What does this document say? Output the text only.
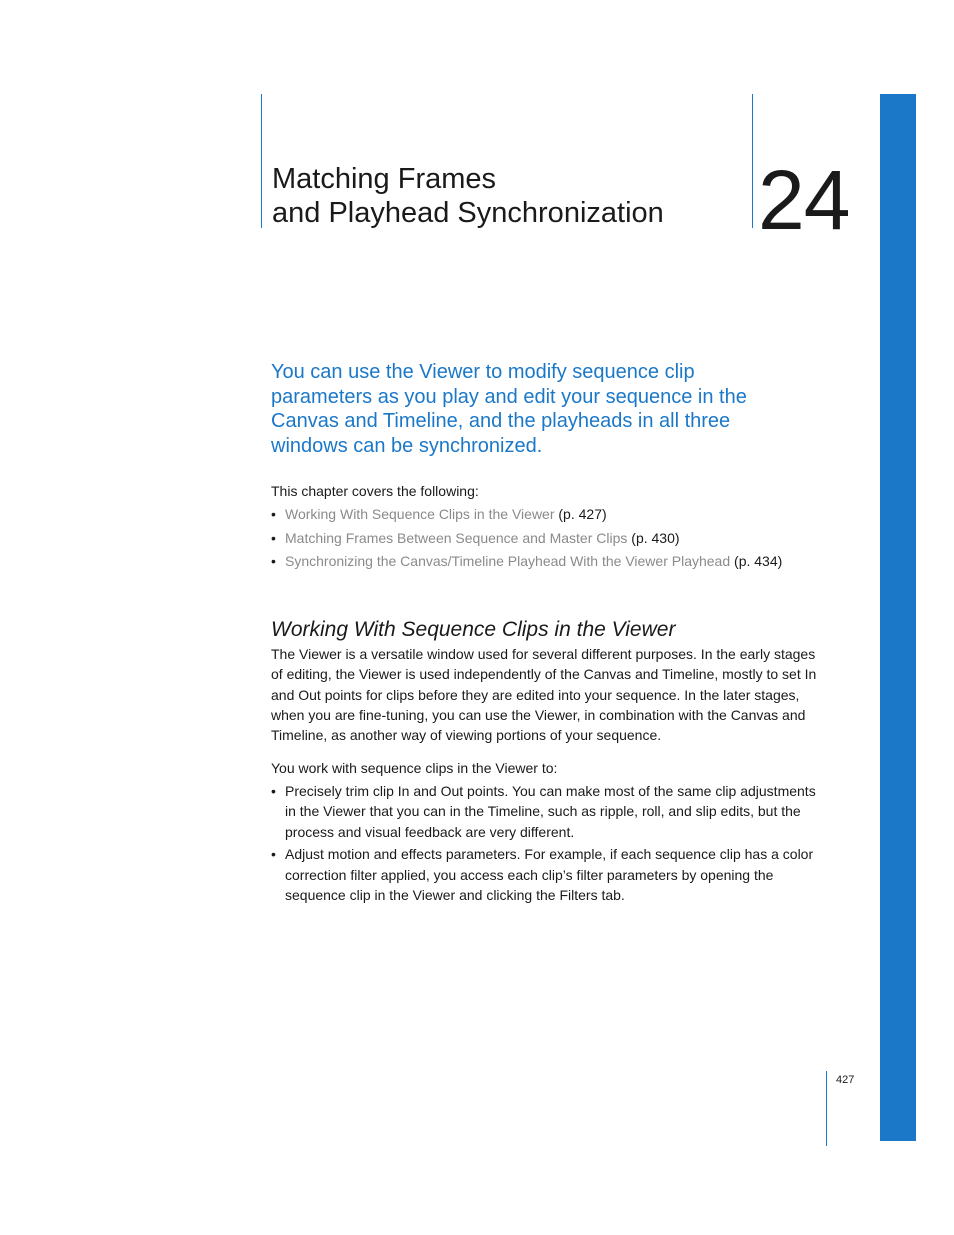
Matching Frames
and Playhead Synchronization 24

You can use the Viewer to modify sequence clip parameters as you play and edit your sequence in the Canvas and Timeline, and the playheads in all three windows can be synchronized.

This chapter covers the following:

• Working With Sequence Clips in the Viewer (p. 427)
• Matching Frames Between Sequence and Master Clips (p. 430)
• Synchronizing the Canvas/Timeline Playhead With the Viewer Playhead (p. 434)
Working With Sequence Clips in the Viewer

The Viewer is a versatile window used for several different purposes. In the early stages of editing, the Viewer is used independently of the Canvas and Timeline, mostly to set In and Out points for clips before they are edited into your sequence. In the later stages, when you are fine-tuning, you can use the Viewer, in combination with the Canvas and Timeline, as another way of viewing portions of your sequence.

You work with sequence clips in the Viewer to:

• Precisely trim clip In and Out points. You can make most of the same clip adjustments in the Viewer that you can in the Timeline, such as ripple, roll, and slip edits, but the process and visual feedback are very different.
• Adjust motion and effects parameters. For example, if each sequence clip has a color correction filter applied, you access each clip’s filter parameters by opening the sequence clip in the Viewer and clicking the Filters tab.

427
